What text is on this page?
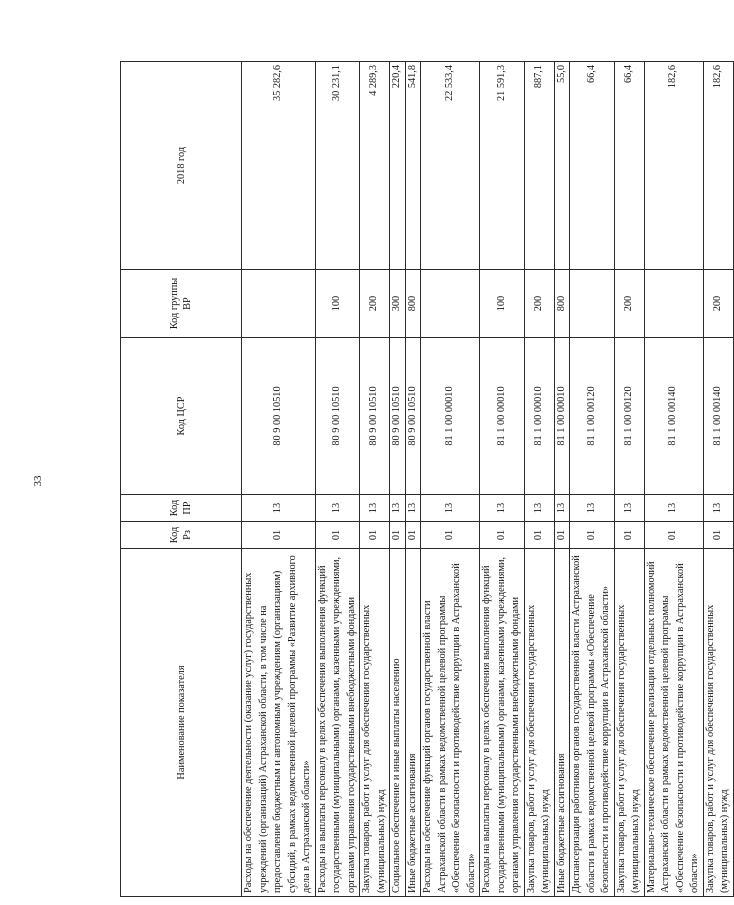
33
Наименование показателя	Код Рз	Код ПР	Код ЦСР	Код группы ВР	2018 год
Расходы на обеспечение деятельности (оказание услуг) государственных учреждений (организаций) Астраханской области, в том числе на предоставление бюджетным и автономным учреждениям (организациям) субсидий, в рамках ведомственной целевой программы «Развитие архивного дела в Астраханской области»	01	13	80 9 00 10510		35 282,6
Расходы на выплаты персоналу в целях обеспечения выполнения функций государственными (муниципальными) органами, казенными учреждениями, органами управления государственными внебюджетными фондами	01	13	80 9 00 10510	100	30 231,1
Закупка товаров, работ и услуг для обеспечения государственных (муниципальных) нужд	01	13	80 9 00 10510	200	4 289,3
Социальное обеспечение и иные выплаты населению	01	13	80 9 00 10510	300	220,4
Иные бюджетные ассигнования	01	13	80 9 00 10510	800	541,8
Расходы на обеспечение функций органов государственной власти Астраханской области в рамках ведомственной целевой программы «Обеспечение безопасности и противодействие коррупции в Астраханской области»	01	13	81 1 00 00010		22 533,4
Расходы на выплаты персоналу в целях обеспечения выполнения функций государственными (муниципальными) органами, казенными учреждениями, органами управления государственными внебюджетными фондами	01	13	81 1 00 00010	100	21 591,3
Закупка товаров, работ и услуг для обеспечения государственных (муниципальных) нужд	01	13	81 1 00 00010	200	887,1
Иные бюджетные ассигнования	01	13	81 1 00 00010	800	55,0
Диспансеризация работников органов государственной власти Астраханской области в рамках ведомственной целевой программы «Обеспечение безопасности и противодействие коррупции в Астраханской области»	01	13	81 1 00 00120		66,4
Закупка товаров, работ и услуг для обеспечения государственных (муниципальных) нужд	01	13	81 1 00 00120	200	66,4
Материально-техническое обеспечение реализации отдельных полномочий Астраханской области в рамках ведомственной целевой программы «Обеспечение безопасности и противодействие коррупции в Астраханской области»	01	13	81 1 00 00140		182,6
Закупка товаров, работ и услуг для обеспечения государственных (муниципальных) нужд	01	13	81 1 00 00140	200	182,6
